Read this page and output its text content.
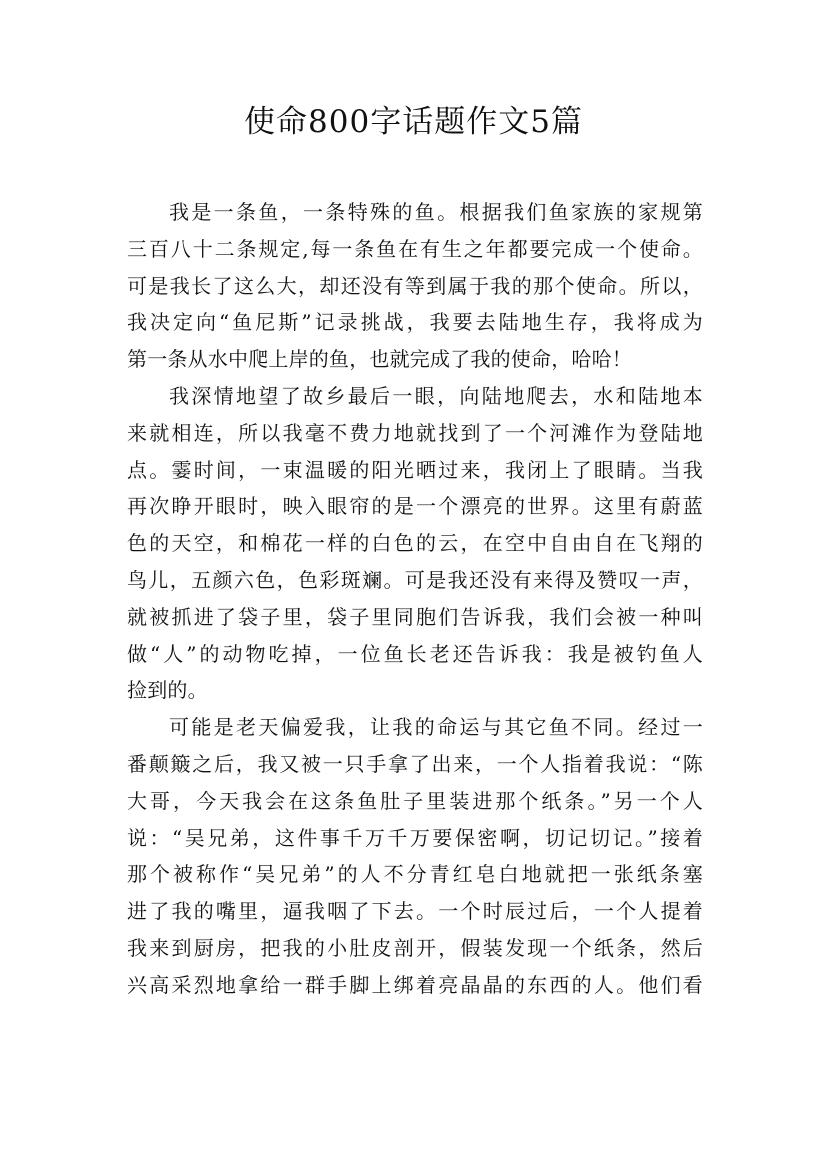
使命800字话题作文5篇
我是一条鱼，一条特殊的鱼。根据我们鱼家族的家规第
三百八十二条规定,每一条鱼在有生之年都要完成一个使命。
可是我长了这么大，却还没有等到属于我的那个使命。所以，
我决定向“鱼尼斯”记录挑战，我要去陆地生存，我将成为
第一条从水中爬上岸的鱼，也就完成了我的使命，哈哈！
我深情地望了故乡最后一眼，向陆地爬去，水和陆地本
来就相连，所以我毫不费力地就找到了一个河滩作为登陆地
点。霎时间，一束温暖的阳光晒过来，我闭上了眼睛。当我
再次睁开眼时，映入眼帘的是一个漂亮的世界。这里有蔚蓝
色的天空，和棉花一样的白色的云，在空中自由自在飞翔的
鸟儿，五颜六色，色彩斑斓。可是我还没有来得及赞叹一声，
就被抓进了袋子里，袋子里同胞们告诉我，我们会被一种叫
做“人”的动物吃掉，一位鱼长老还告诉我：我是被钓鱼人
捡到的。
可能是老天偏爱我，让我的命运与其它鱼不同。经过一
番颠簸之后，我又被一只手拿了出来，一个人指着我说：“陈
大哥，今天我会在这条鱼肚子里装进那个纸条。”另一个人
说：“吴兄弟，这件事千万千万要保密啊，切记切记。”接着
那个被称作“吴兄弟”的人不分青红皂白地就把一张纸条塞
进了我的嘴里，逼我咽了下去。一个时辰过后，一个人提着
我来到厨房，把我的小肚皮剖开，假装发现一个纸条，然后
兴高采烈地拿给一群手脚上绑着亮晶晶的东西的人。他们看
